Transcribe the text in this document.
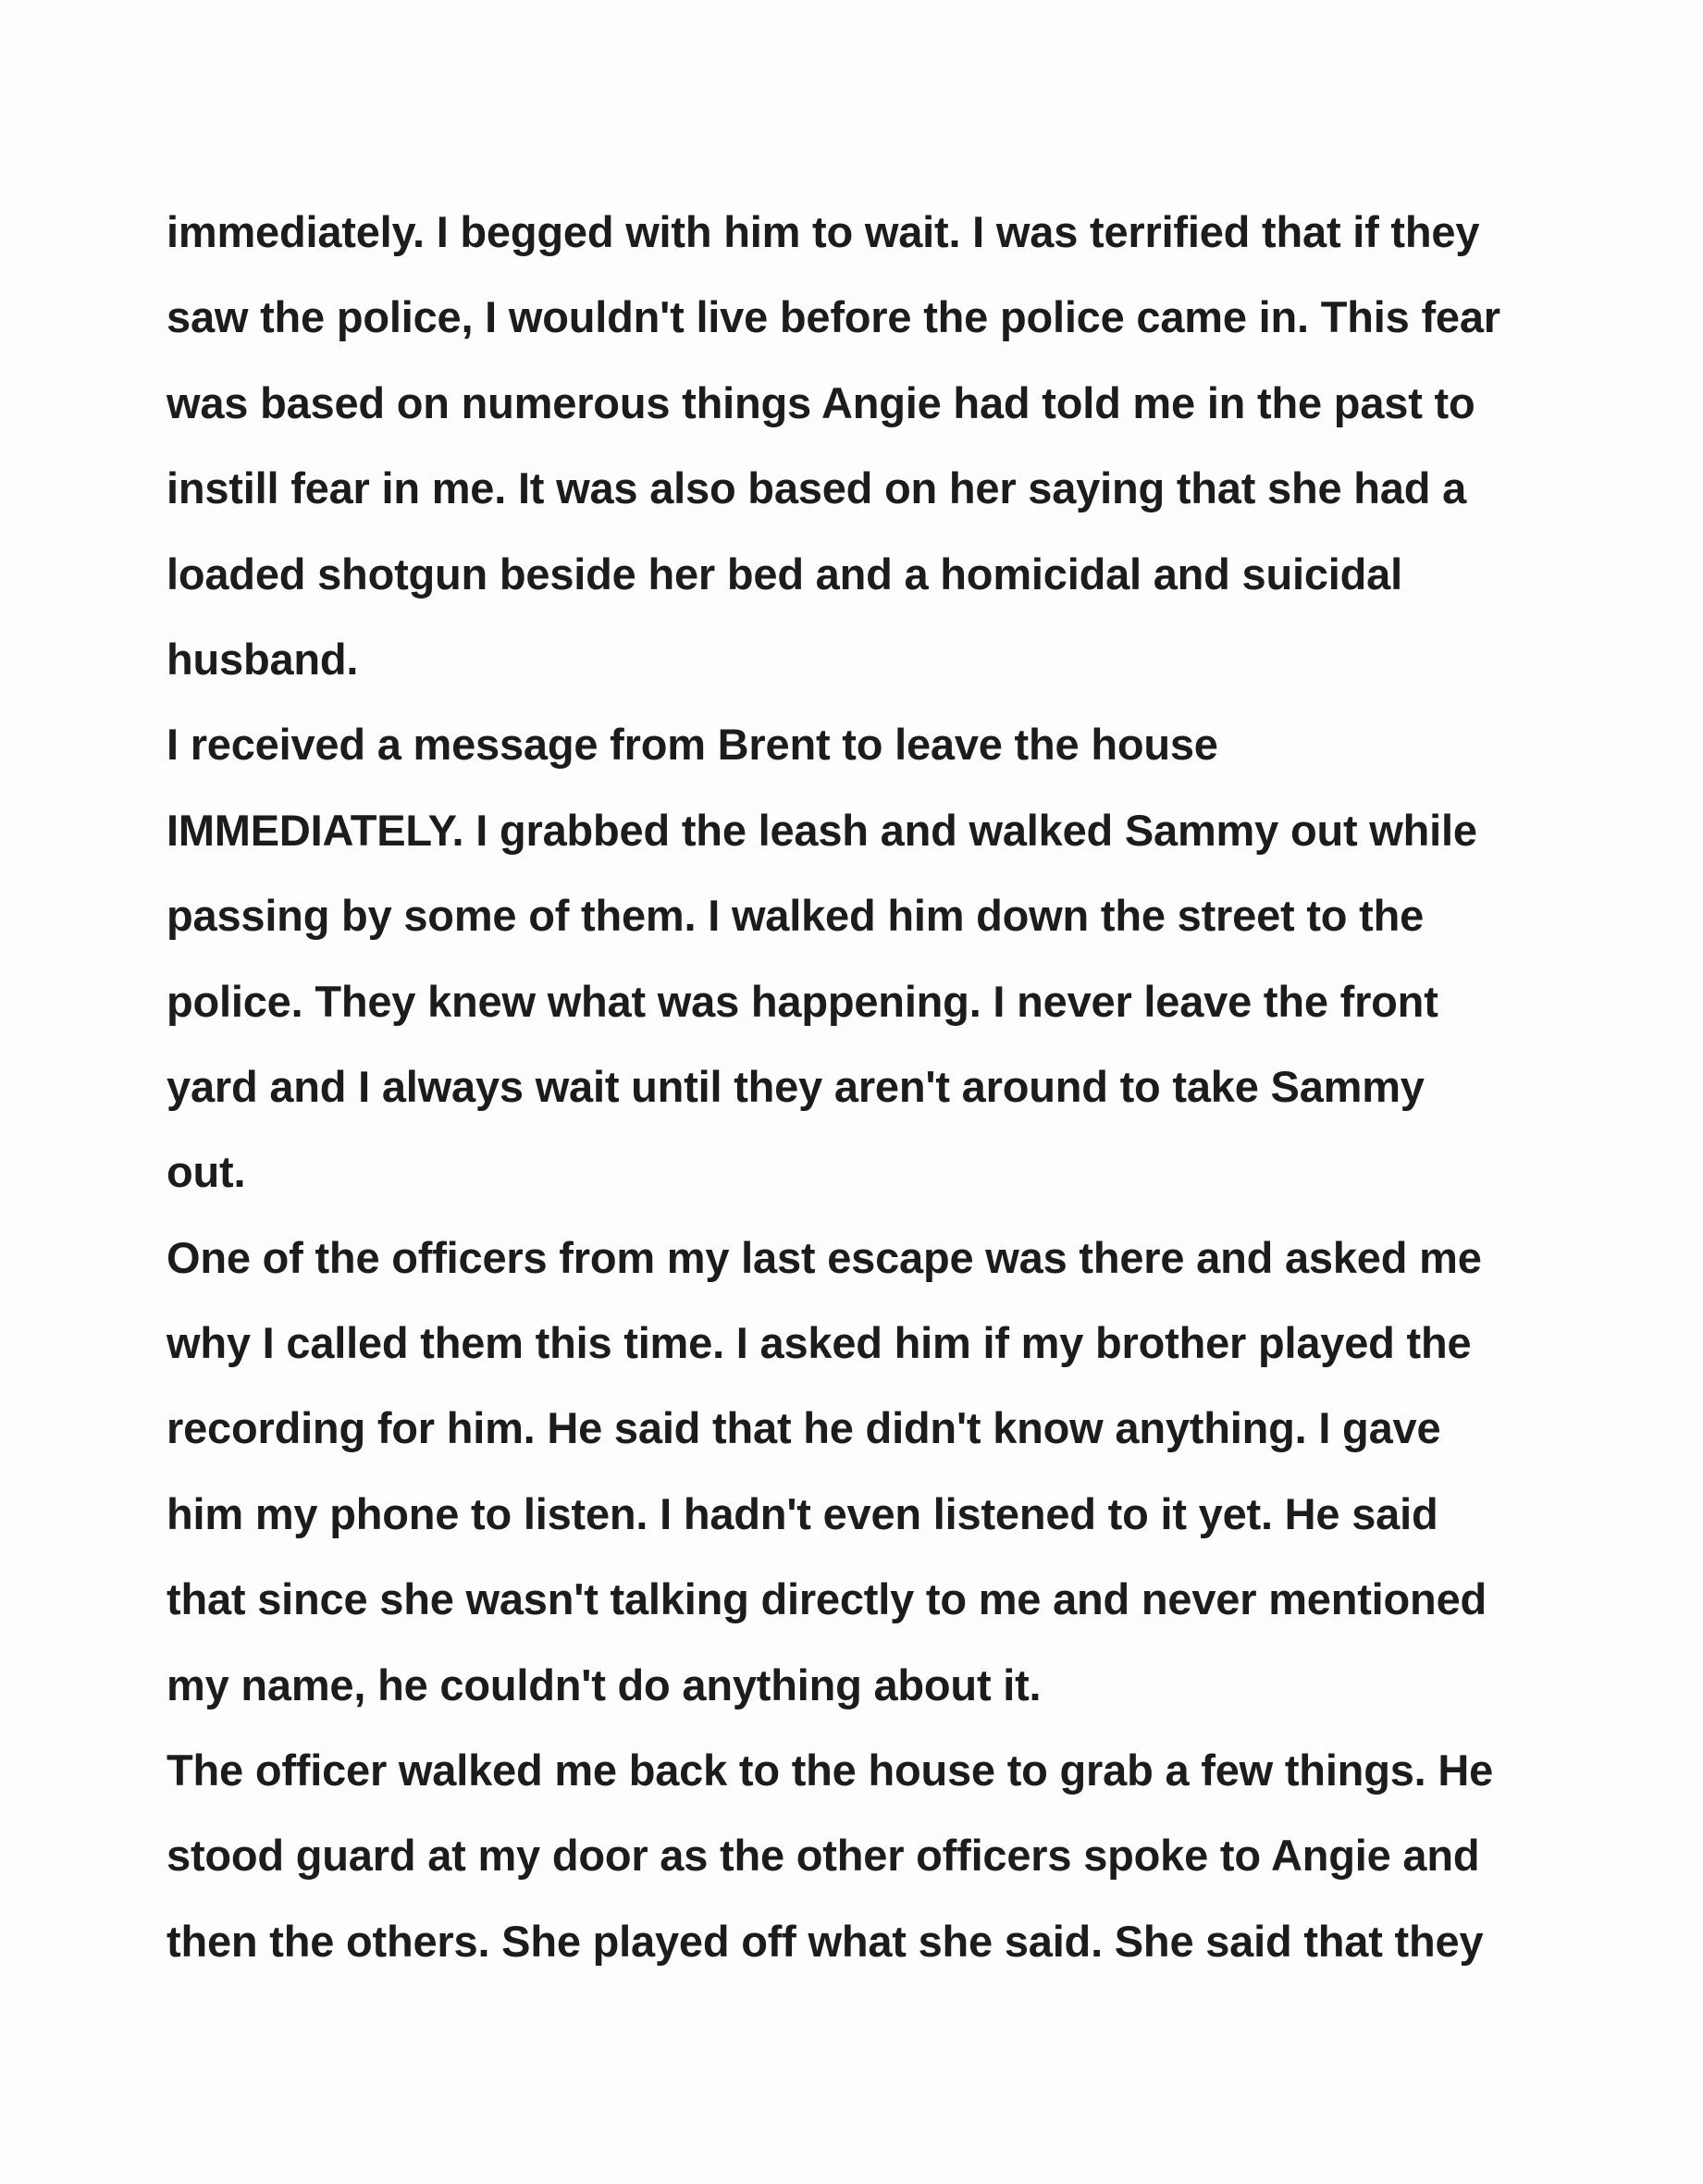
immediately. I begged with him to wait. I was terrified that if they
saw the police, I wouldn't live before the police came in. This fear
was based on numerous things Angie had told me in the past to
instill fear in me. It was also based on her saying that she had a
loaded shotgun beside her bed and a homicidal and suicidal
husband.
I received a message from Brent to leave the house
IMMEDIATELY. I grabbed the leash and walked Sammy out while
passing by some of them. I walked him down the street to the
police. They knew what was happening. I never leave the front
yard and I always wait until they aren't around to take Sammy
out.
One of the officers from my last escape was there and asked me
why I called them this time. I asked him if my brother played the
recording for him. He said that he didn't know anything. I gave
him my phone to listen. I hadn't even listened to it yet. He said
that since she wasn't talking directly to me and never mentioned
my name, he couldn't do anything about it.
The officer walked me back to the house to grab a few things. He
stood guard at my door as the other officers spoke to Angie and
then the others. She played off what she said. She said that they
